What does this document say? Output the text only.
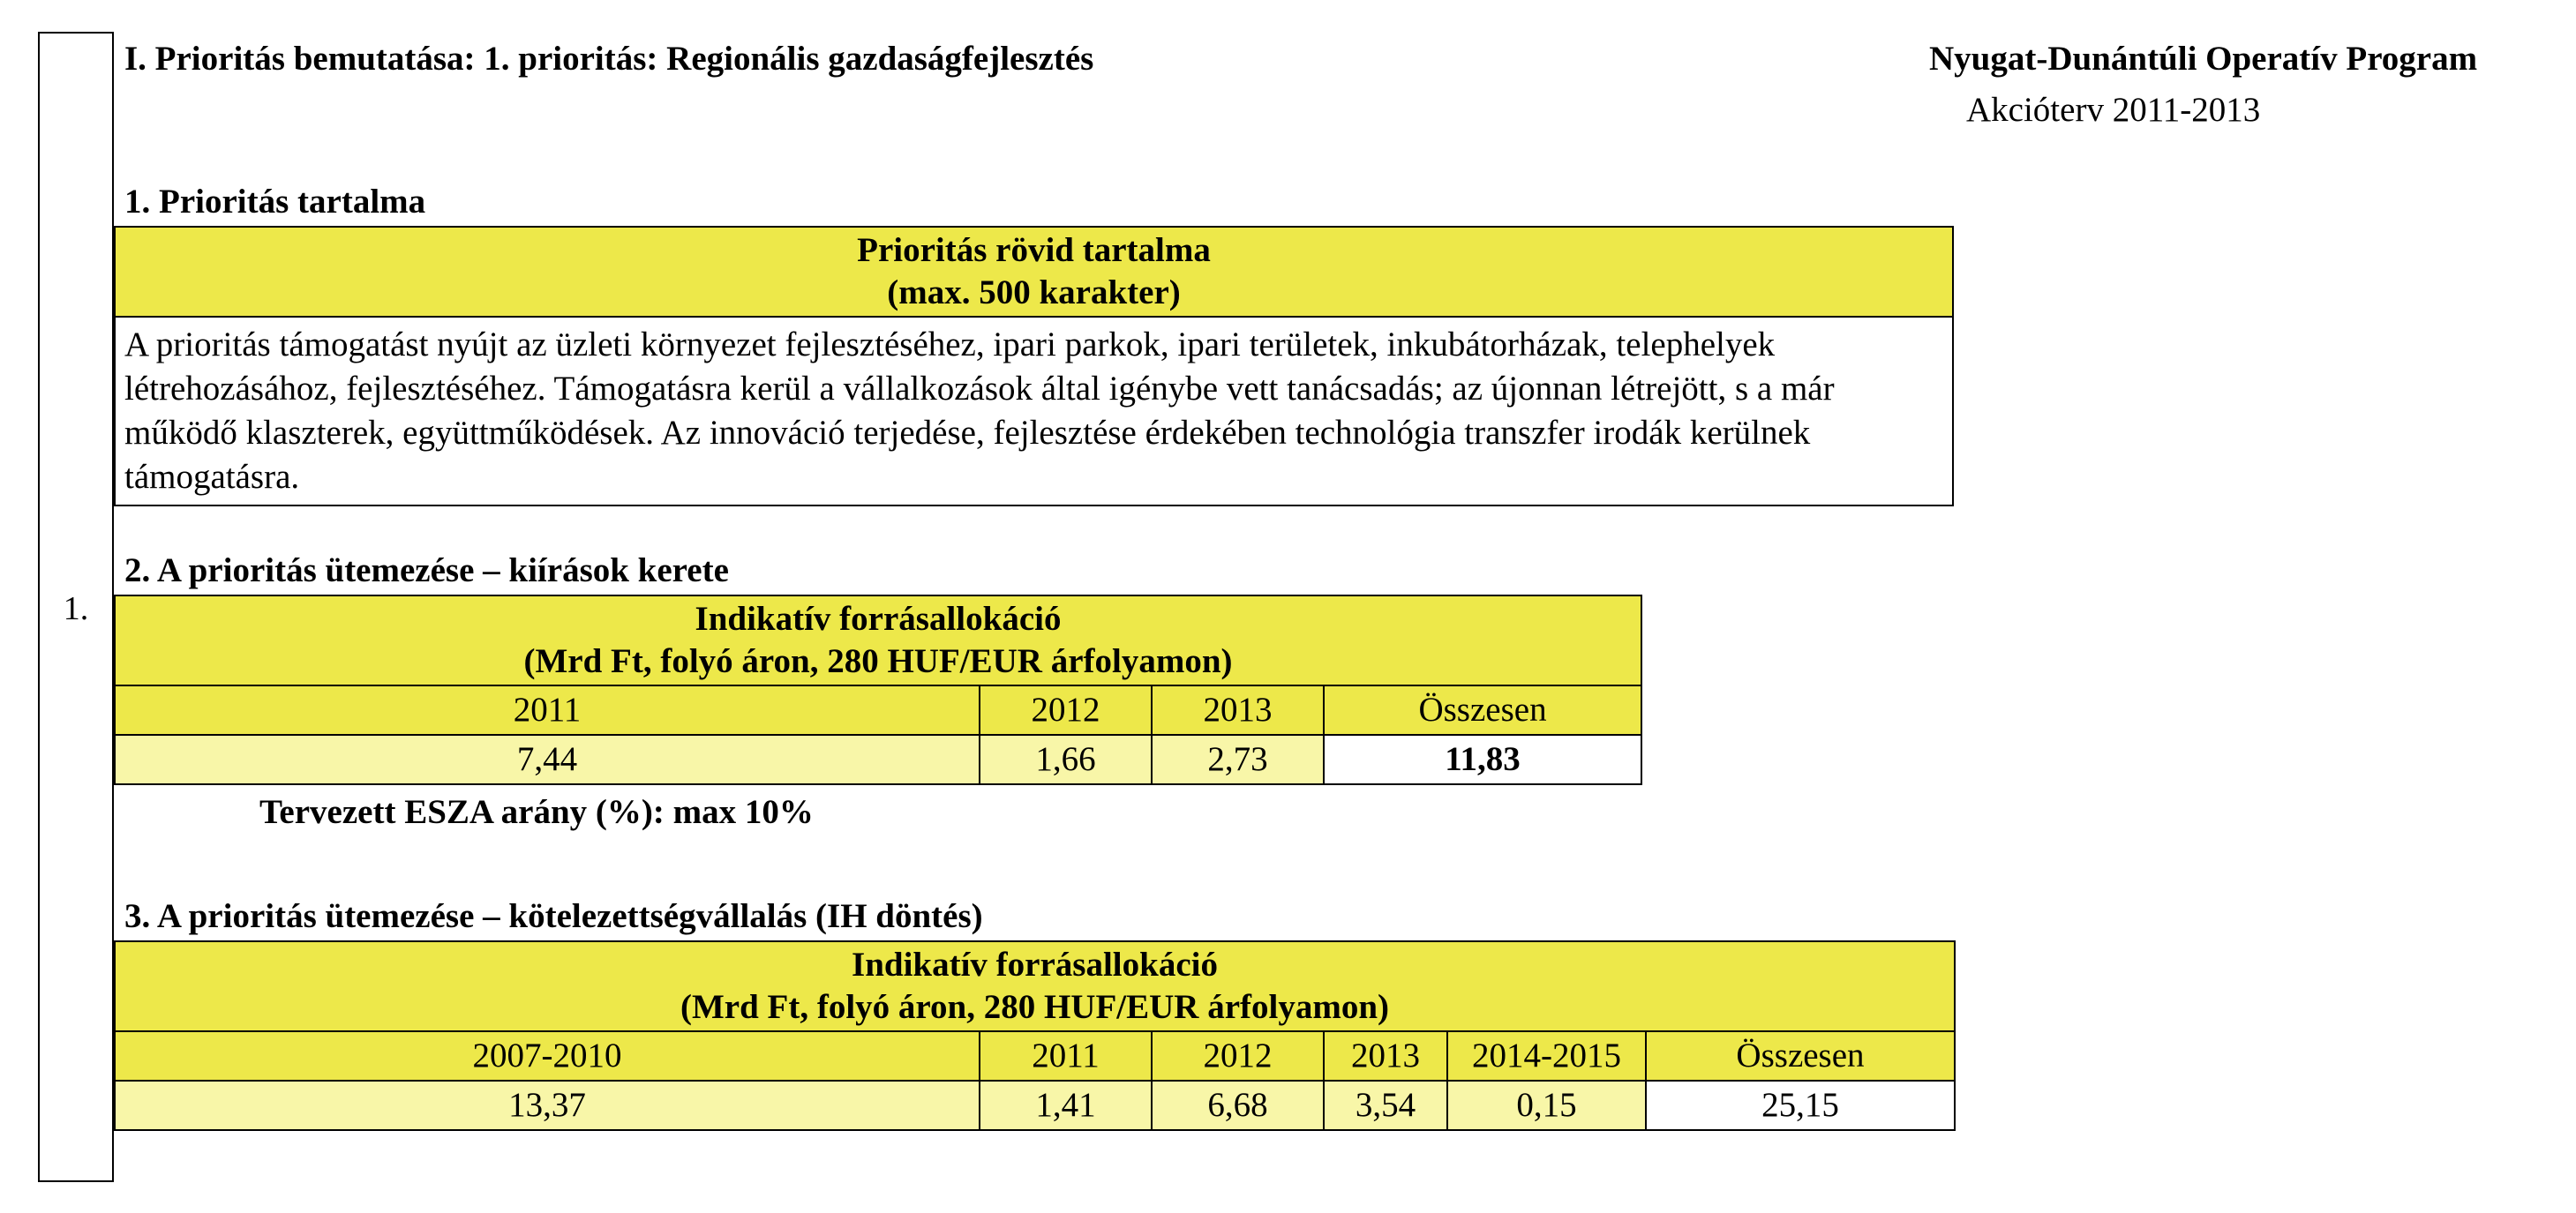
1.
I. Prioritás bemutatása: 1. prioritás: Regionális gazdaságfejlesztés	Nyugat-Dunántúli Operatív Program
Akcióterv 2011-2013
1. Prioritás tartalma
Prioritás rövid tartalma
(max. 500 karakter)

A prioritás támogatást nyújt az üzleti környezet fejlesztéséhez, ipari parkok, ipari területek, inkubátorházak, telephelyek létrehozásához, fejlesztéséhez. Támogatásra kerül a vállalkozások által igénybe vett tanácsadás; az újonnan létrejött, s a már működő klaszterek, együttműködések. Az innováció terjedése, fejlesztése érdekében technológia transzfer irodák kerülnek támogatásra.
2. A prioritás ütemezése – kiírások kerete
Indikatív forrásallokáció
(Mrd Ft, folyó áron, 280 HUF/EUR árfolyamon)			

2011	2012	2013	Összesen
7,44	1,66	2,73	11,83
Tervezett ESZA arány (%): max 10%
3. A prioritás ütemezése – kötelezettségvállalás (IH döntés)
Indikatív forrásallokáció
(Mrd Ft, folyó áron, 280 HUF/EUR árfolyamon)					

2007-2010	2011	2012	2013	2014-2015	Összesen
13,37	1,41	6,68	3,54	0,15	25,15
